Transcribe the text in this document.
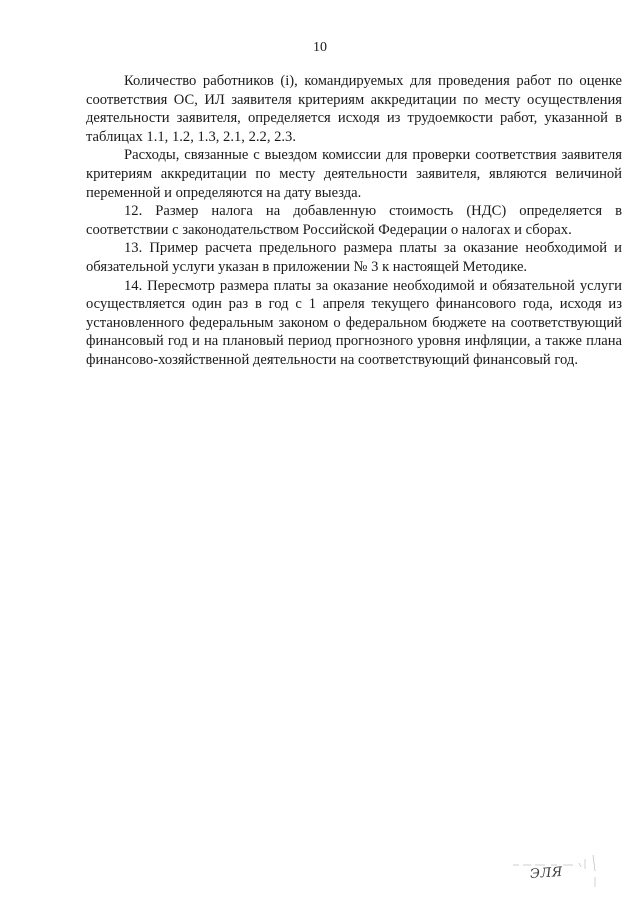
10

Количество работников (i), командируемых для проведения работ по оценке соответствия ОС, ИЛ заявителя критериям аккредитации по месту осуществления деятельности заявителя, определяется исходя из трудоемкости работ, указанной в таблицах 1.1, 1.2, 1.3, 2.1, 2.2, 2.3.

Расходы, связанные с выездом комиссии для проверки соответствия заявителя критериям аккредитации по месту деятельности заявителя, являются величиной переменной и определяются на дату выезда.

12. Размер налога на добавленную стоимость (НДС) определяется в соответствии с законодательством Российской Федерации о налогах и сборах.

13. Пример расчета предельного размера платы за оказание необходимой и обязательной услуги указан в приложении № 3 к настоящей Методике.

14. Пересмотр размера платы за оказание необходимой и обязательной услуги осуществляется один раз в год с 1 апреля текущего финансового года, исходя из установленного федеральным законом о федеральном бюджете на соответствующий финансовый год и на плановый период прогнозного уровня инфляции, а также плана финансово-хозяйственной деятельности на соответствующий финансовый год.

ЭЛЯ
